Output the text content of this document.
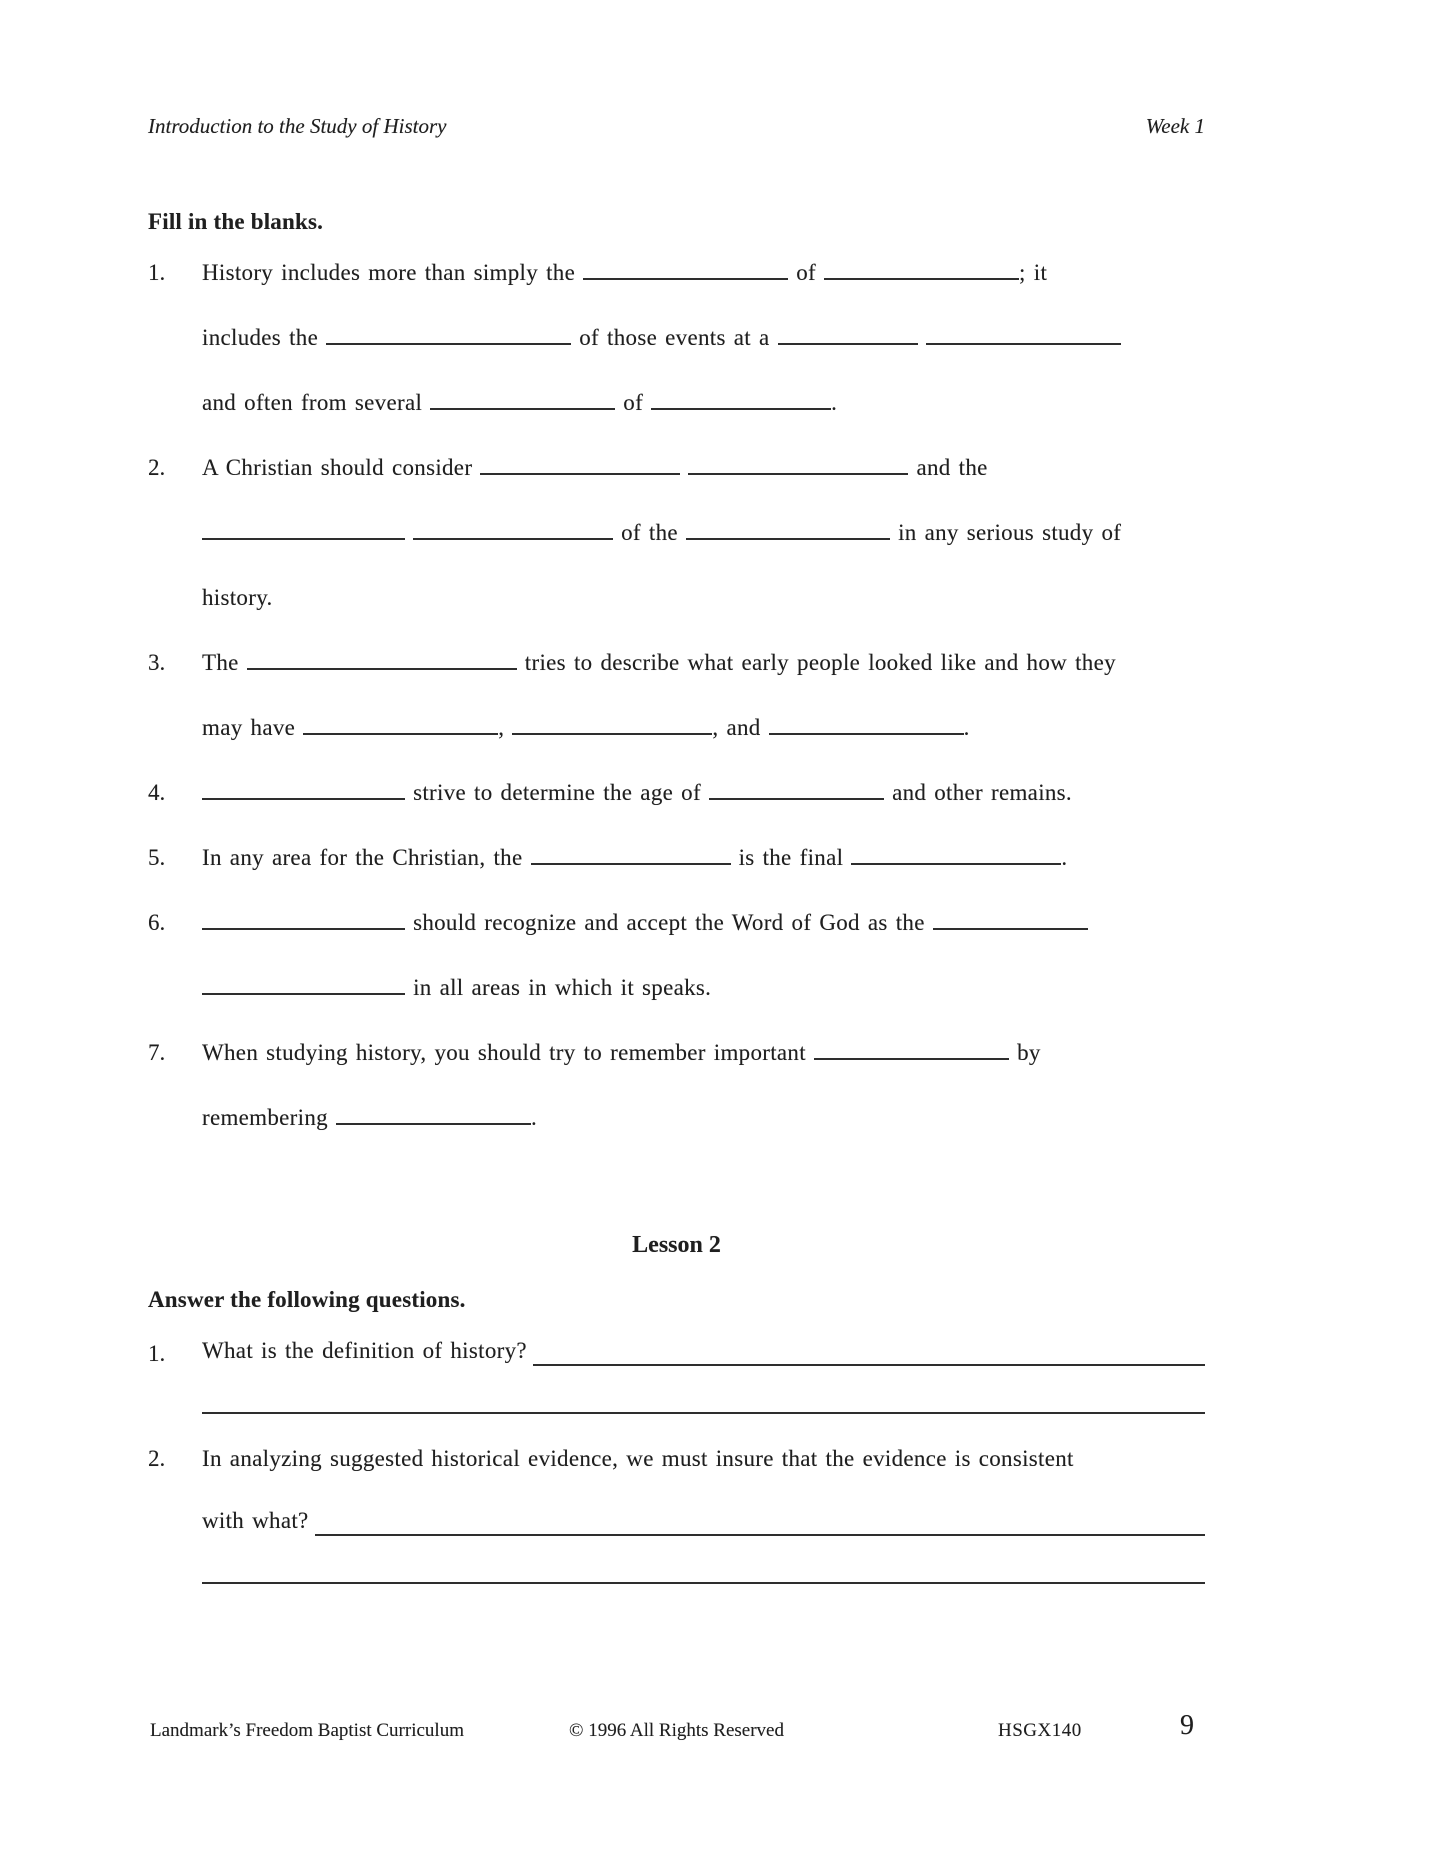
Introduction to the Study of History	Week 1
Fill in the blanks.
1. History includes more than simply the	of	; it
includes the	of those events at a
and often from several	of	.
2. A Christian should consider	and the
of the	in any serious study of
history.
3. The	tries to describe what early people looked like and how they
may have	,	, and	.
4.	strive to determine the age of	and other remains.
5. In any area for the Christian, the	is the final	.
6.	should recognize and accept the Word of God as the
in all areas in which it speaks.
7. When studying history, you should try to remember important	by
remembering	.
Lesson 2
Answer the following questions.
1. What is the definition of history?

2. In analyzing suggested historical evidence, we must insure that the evidence is consistent
with what?

Landmark’s Freedom Baptist Curriculum	© 1996 All Rights Reserved	HSGX140	9
